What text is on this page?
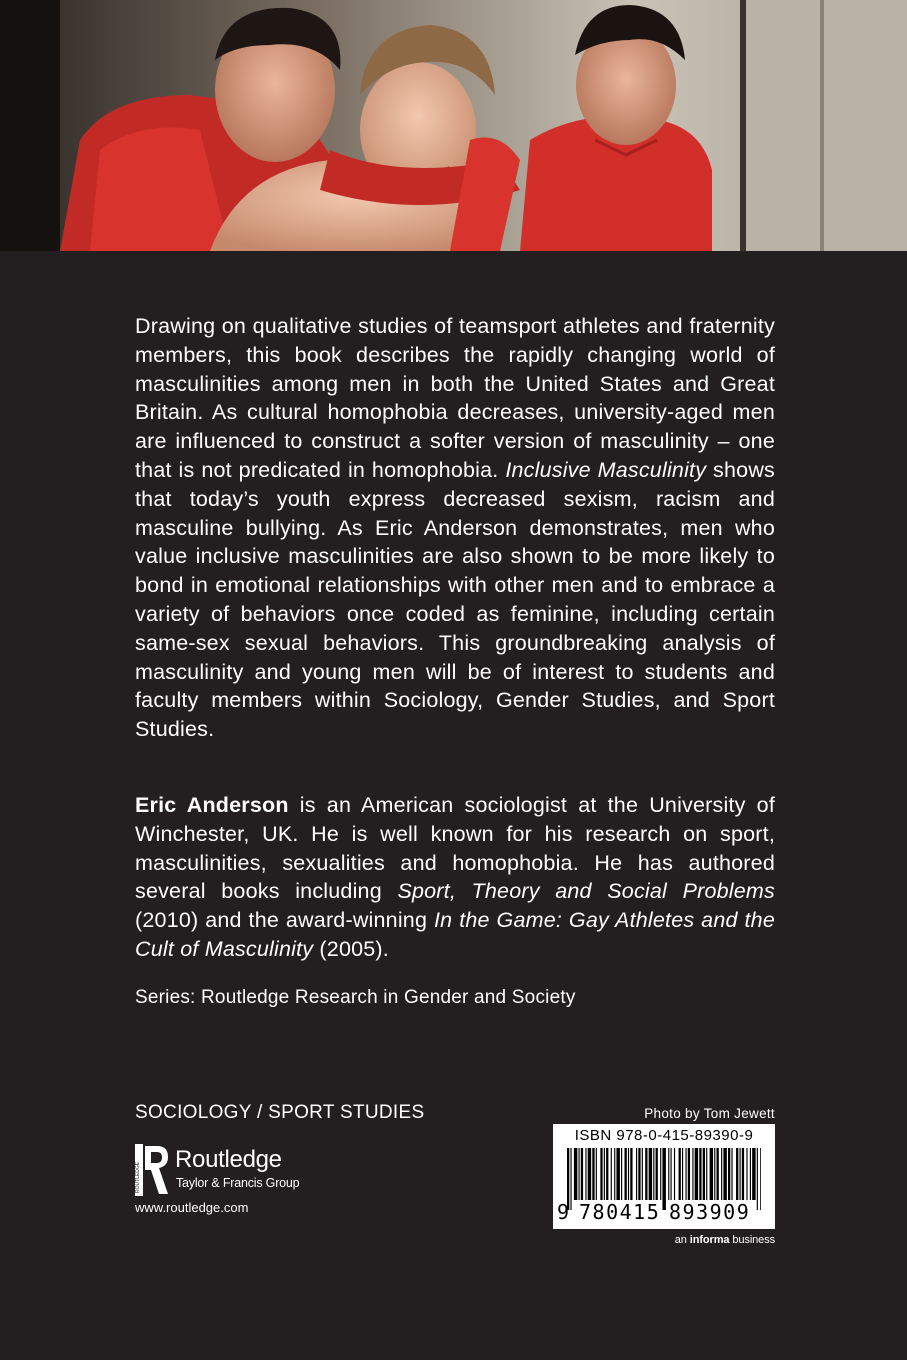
Drawing on qualitative studies of teamsport athletes and fraternity members, this book describes the rapidly changing world of masculinities among men in both the United States and Great Britain. As cultural homophobia decreases, university-aged men are influenced to construct a softer version of masculinity – one that is not predicated in homophobia. Inclusive Masculinity shows that today’s youth express decreased sexism, racism and masculine bullying. As Eric Anderson demonstrates, men who value inclusive masculinities are also shown to be more likely to bond in emotional relationships with other men and to embrace a variety of behaviors once coded as feminine, including certain same-sex sexual behaviors. This groundbreaking analysis of masculinity and young men will be of interest to students and faculty members within Sociology, Gender Studies, and Sport Studies.

Eric Anderson is an American sociologist at the University of Winchester, UK. He is well known for his research on sport, masculinities, sexualities and homophobia. He has authored several books including Sport, Theory and Social Problems (2010) and the award-winning In the Game: Gay Athletes and the Cult of Masculinity (2005).
Series: Routledge Research in Gender and Society
SOCIOLOGY / SPORT STUDIES
ROUTLEDGE
Routledge
Taylor & Francis Group
www.routledge.com
Photo by Tom Jewett
ISBN 978-0-415-89390-9
9 780415 893909
an informa business
